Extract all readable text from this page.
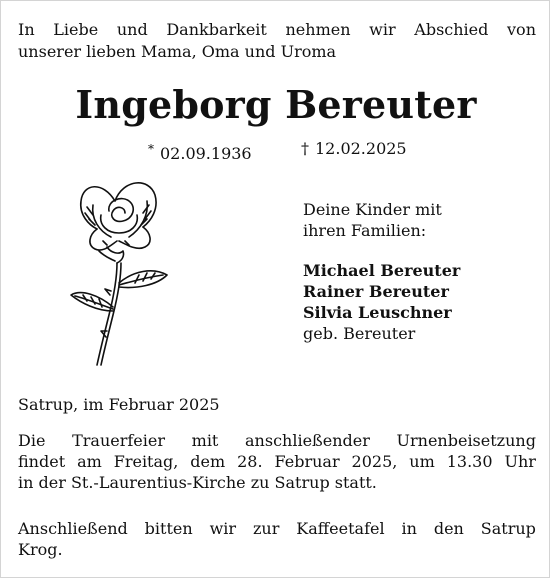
In Liebe und Dankbarkeit nehmen wir Abschied von
unserer lieben Mama, Oma und Uroma
Ingeborg Bereuter
* 02.09.1936	† 12.02.2025
Deine Kinder mit
ihren Familien:
Michael Bereuter
Rainer Bereuter
Silvia Leuschner
geb. Bereuter
Satrup, im Februar 2025
Die Trauerfeier mit anschließender Urnenbeisetzung
findet am Freitag, dem 28. Februar 2025, um 13.30 Uhr
in der St.-Laurentius-Kirche zu Satrup statt.
Anschließend bitten wir zur Kaffeetafel in den Satrup
Krog.
